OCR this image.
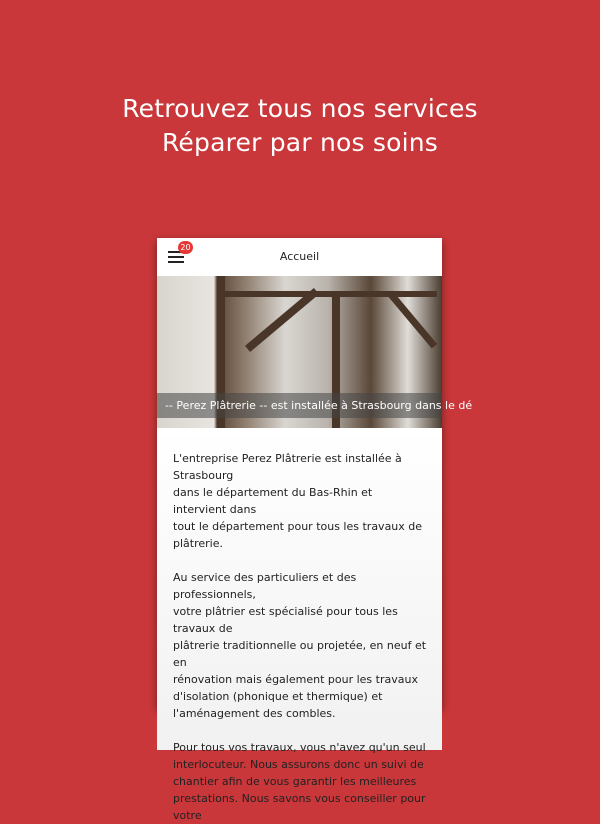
Retrouvez tous nos services
Réparer par nos soins
20
Accueil
-- Perez Plâtrerie -- est installée à Strasbourg dans le dé

L'entreprise Perez Plâtrerie est installée à Strasbourg
dans le département du Bas-Rhin et intervient dans
tout le département pour tous les travaux de
plâtrerie.

Au service des particuliers et des professionnels,
votre plâtrier est spécialisé pour tous les travaux de
plâtrerie traditionnelle ou projetée, en neuf et en
rénovation mais également pour les travaux
d'isolation (phonique et thermique) et
l'aménagement des combles.

Pour tous vos travaux, vous n'avez qu'un seul
interlocuteur. Nous assurons donc un suivi de
chantier afin de vous garantir les meilleures
prestations. Nous savons vous conseiller pour votre
